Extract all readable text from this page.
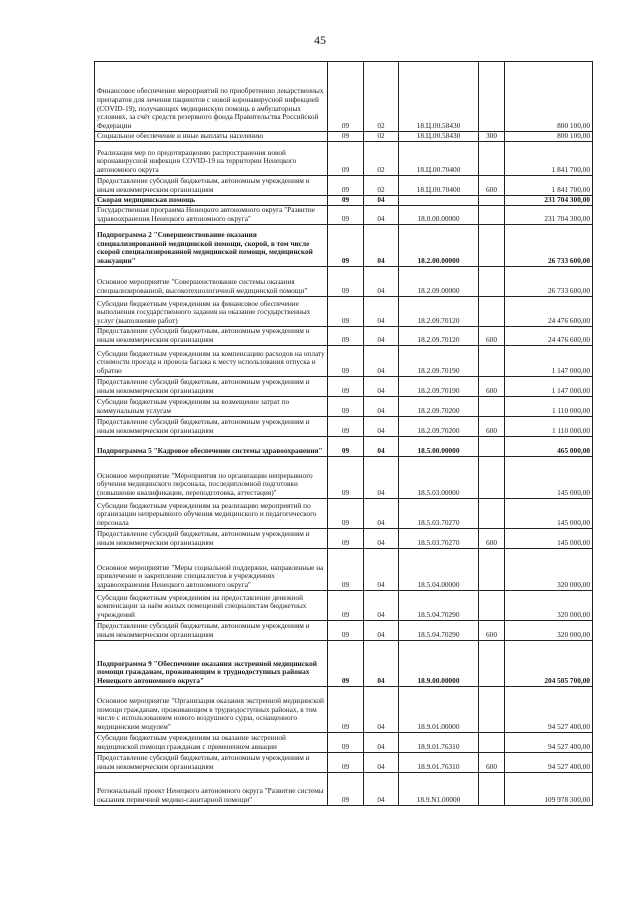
45
Финансовое обеспечение мероприятий по приобретению лекарственных препаратов для лечения пациентов с новой коронавирусной инфекцией (COVID-19), получающих медицинскую помощь в амбулаторных условиях, за счёт средств резервного фонда Правительства Российской Федерации	09	02	18.Ц.00.58430		800 100,00
Социальное обеспечение и иные выплаты населению	09	02	18.Ц.00.58430	300	800 100,00
Реализация мер по предотвращению распространения новой коронавирусной инфекции COVID-19 на территории Ненецкого автономного округа	09	02	18.Ц.00.70400		1 841 700,00
Предоставление субсидий бюджетным, автономным учреждениям и иным некоммерческим организациям	09	02	18.Ц.00.70400	600	1 841 700,00
Скорая медицинская помощь	09	04			231 704 300,00
Государственная программа Ненецкого автономного округа "Развитие здравоохранения Ненецкого автономного округа"	09	04	18.0.00.00000		231 704 300,00
Подпрограмма 2 "Совершенствование оказания специализированной медицинской помощи, скорой, в том числе скорой специализированной медицинской помощи, медицинской эвакуации"	09	04	18.2.00.00000		26 733 600,00
Основное мероприятие "Совершенствование системы оказания специализированной, высокотехнологичной медицинской помощи"	09	04	18.2.09.00000		26 733 600,00
Субсидии бюджетным учреждениям на финансовое обеспечение выполнения государственного задания на оказание государственных услуг (выполнение работ)	09	04	18.2.09.70120		24 476 600,00
Предоставление субсидий бюджетным, автономным учреждениям и иным некоммерческим организациям	09	04	18.2.09.70120	600	24 476 600,00
Субсидии бюджетным учреждениям на компенсацию расходов на оплату стоимости проезда и провоза багажа к месту использования отпуска и обратно	09	04	18.2.09.70190		1 147 000,00
Предоставление субсидий бюджетным, автономным учреждениям и иным некоммерческим организациям	09	04	18.2.09.70190	600	1 147 000,00
Субсидии бюджетным учреждениям на возмещение затрат по коммунальным услугам	09	04	18.2.09.70200		1 110 000,00
Предоставление субсидий бюджетным, автономным учреждениям и иным некоммерческим организациям	09	04	18.2.09.70200	600	1 110 000,00
Подпрограмма 5 "Кадровое обеспечение системы здравоохранения"	09	04	18.5.00.00000		465 000,00
Основное мероприятие "Мероприятия по организации непрерывного обучения медицинского персонала, последипломной подготовки (повышение квалификации, переподготовка, аттестация)"	09	04	18.5.03.00000		145 000,00
Субсидии бюджетным учреждениям на реализацию мероприятий по организации непрерывного обучения медицинского и педагогического персонала	09	04	18.5.03.70270		145 000,00
Предоставление субсидий бюджетным, автономным учреждениям и иным некоммерческим организациям	09	04	18.5.03.70270	600	145 000,00
Основное мероприятие "Меры социальной поддержки, направленные на привлечение и закрепление специалистов в учреждениях здравоохранения Ненецкого автономного округа"	09	04	18.5.04.00000		320 000,00
Субсидии бюджетным учреждениям на предоставление денежной компенсации за наём жилых помещений специалистам бюджетных учреждений	09	04	18.5.04.70290		320 000,00
Предоставление субсидий бюджетным, автономным учреждениям и иным некоммерческим организациям	09	04	18.5.04.70290	600	320 000,00
Подпрограмма 9 "Обеспечение оказания экстренной медицинской помощи гражданам, проживающим в труднодоступных районах Ненецкого автономного округа"	09	04	18.9.00.00000		204 505 700,00
Основное мероприятие "Организация оказания экстренной медицинской помощи гражданам, проживающим в труднодоступных районах, в том числе с использованием нового воздушного судна, оснащенного медицинским модулем"	09	04	18.9.01.00000		94 527 400,00
Субсидии бюджетным учреждениям на оказание экстренной медицинской помощи гражданам с применением авиации	09	04	18.9.01.76310		94 527 400,00
Предоставление субсидий бюджетным, автономным учреждениям и иным некоммерческим организациям	09	04	18.9.01.76310	600	94 527 400,00
Региональный проект Ненецкого автономного округа "Развитие системы оказания первичной медико-санитарной помощи"	09	04	18.9.N1.00000		109 978 300,00
